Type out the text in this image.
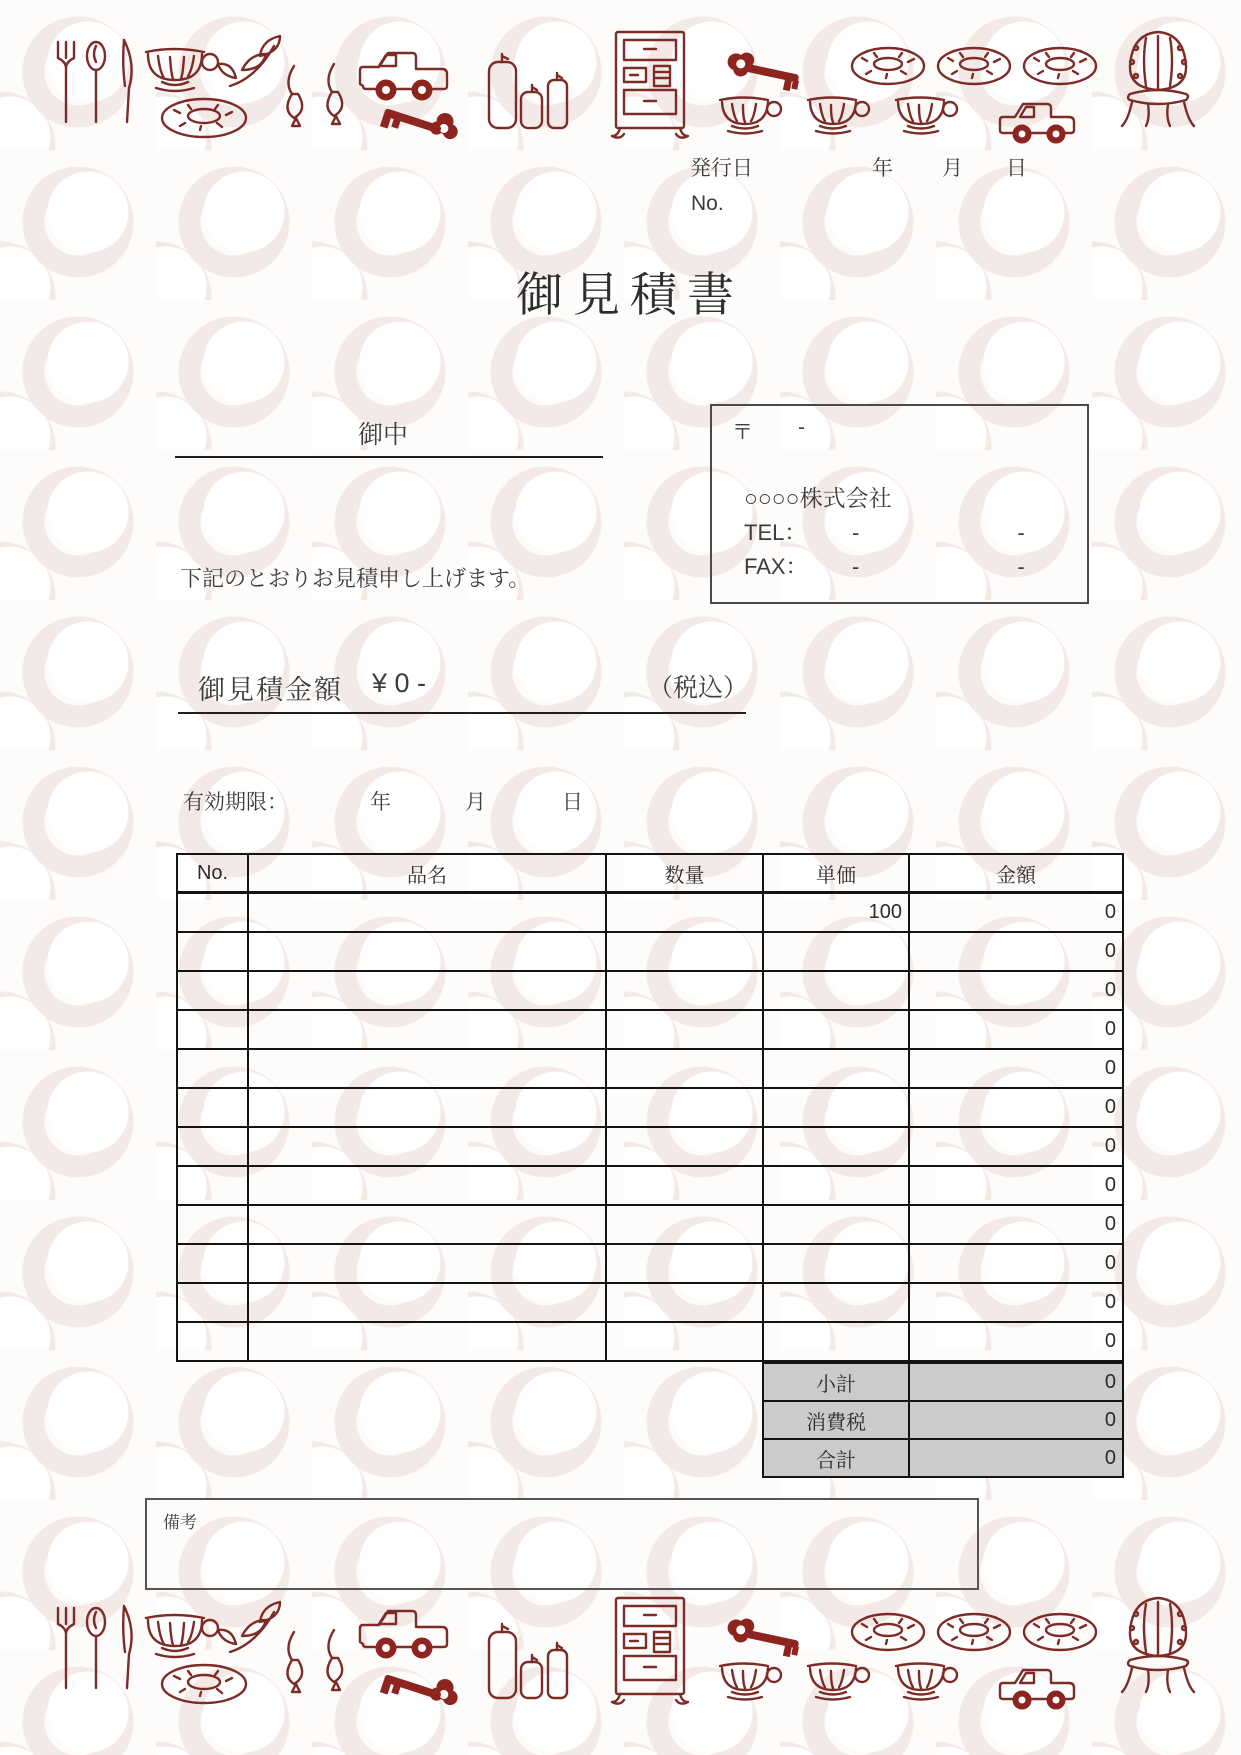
発行日	年 月 日
No.
御見積書
御中	〒 -
○○○○株式会社
TEL： -　　-
FAX： -　　-
下記のとおりお見積申し上げます。
御見積金額 ¥ 0 -	（税込）
有効期限：	年	月	日
No.	品名	数量	単価	金額
			100	0
				0
				0
				0
				0
				0
				0
				0
				0
				0
				0
				0
小計	0
消費税	0
合計	0
備考
